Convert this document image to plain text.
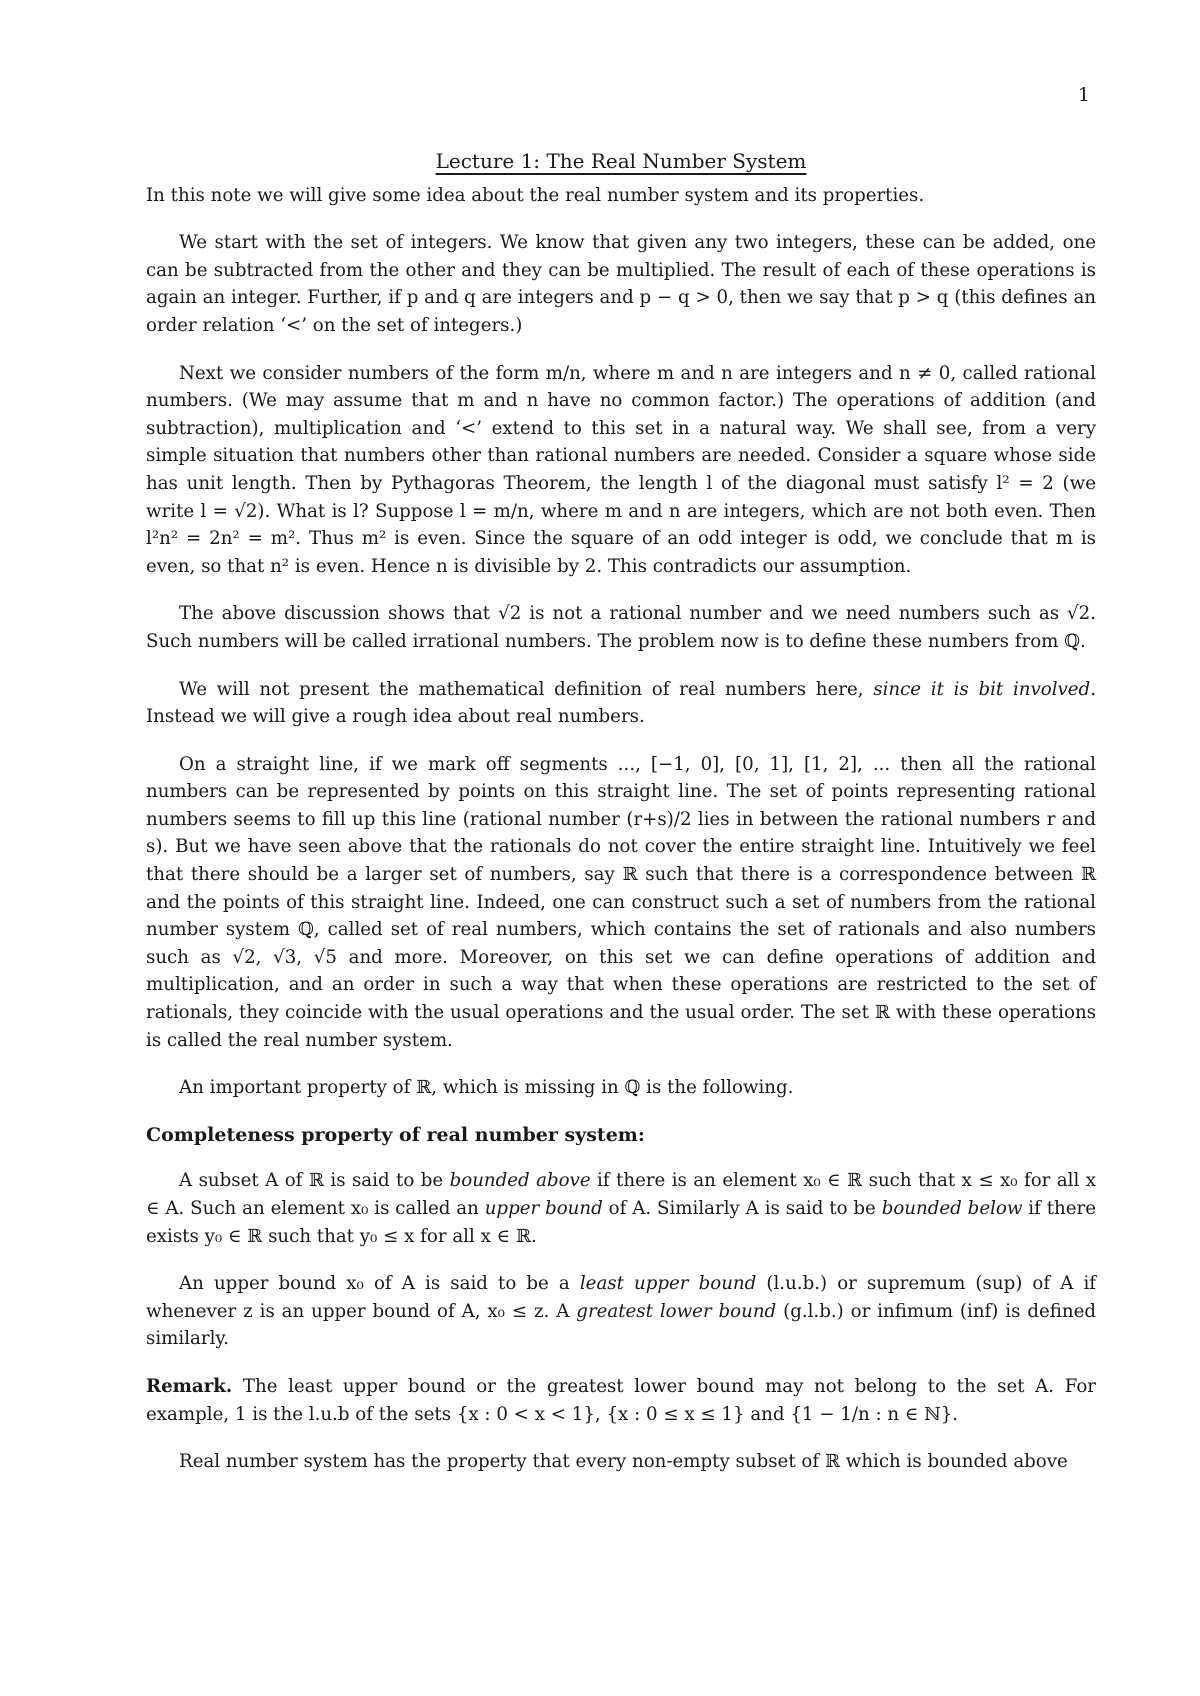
1
Lecture 1: The Real Number System

In this note we will give some idea about the real number system and its properties.

We start with the set of integers. We know that given any two integers, these can be added, one can be subtracted from the other and they can be multiplied. The result of each of these operations is again an integer. Further, if p and q are integers and p − q > 0, then we say that p > q (this defines an order relation ‘<’ on the set of integers.)

Next we consider numbers of the form m/n, where m and n are integers and n ≠ 0, called rational numbers. (We may assume that m and n have no common factor.) The operations of addition (and subtraction), multiplication and ‘<’ extend to this set in a natural way. We shall see, from a very simple situation that numbers other than rational numbers are needed. Consider a square whose side has unit length. Then by Pythagoras Theorem, the length l of the diagonal must satisfy l² = 2 (we write l = √2). What is l? Suppose l = m/n, where m and n are integers, which are not both even. Then l²n² = 2n² = m². Thus m² is even. Since the square of an odd integer is odd, we conclude that m is even, so that n² is even. Hence n is divisible by 2. This contradicts our assumption.

The above discussion shows that √2 is not a rational number and we need numbers such as √2. Such numbers will be called irrational numbers. The problem now is to define these numbers from ℚ.

We will not present the mathematical definition of real numbers here, since it is bit involved. Instead we will give a rough idea about real numbers.

On a straight line, if we mark off segments ..., [−1, 0], [0, 1], [1, 2], ... then all the rational numbers can be represented by points on this straight line. The set of points representing rational numbers seems to fill up this line (rational number (r+s)/2 lies in between the rational numbers r and s). But we have seen above that the rationals do not cover the entire straight line. Intuitively we feel that there should be a larger set of numbers, say ℝ such that there is a correspondence between ℝ and the points of this straight line. Indeed, one can construct such a set of numbers from the rational number system ℚ, called set of real numbers, which contains the set of rationals and also numbers such as √2, √3, √5 and more. Moreover, on this set we can define operations of addition and multiplication, and an order in such a way that when these operations are restricted to the set of rationals, they coincide with the usual operations and the usual order. The set ℝ with these operations is called the real number system.

An important property of ℝ, which is missing in ℚ is the following.

Completeness property of real number system:

A subset A of ℝ is said to be bounded above if there is an element x₀ ∈ ℝ such that x ≤ x₀ for all x ∈ A. Such an element x₀ is called an upper bound of A. Similarly A is said to be bounded below if there exists y₀ ∈ ℝ such that y₀ ≤ x for all x ∈ ℝ.

An upper bound x₀ of A is said to be a least upper bound (l.u.b.) or supremum (sup) of A if whenever z is an upper bound of A, x₀ ≤ z. A greatest lower bound (g.l.b.) or infimum (inf) is defined similarly.

Remark. The least upper bound or the greatest lower bound may not belong to the set A. For example, 1 is the l.u.b of the sets {x : 0 < x < 1}, {x : 0 ≤ x ≤ 1} and {1 − 1/n : n ∈ ℕ}.

Real number system has the property that every non-empty subset of ℝ which is bounded above
